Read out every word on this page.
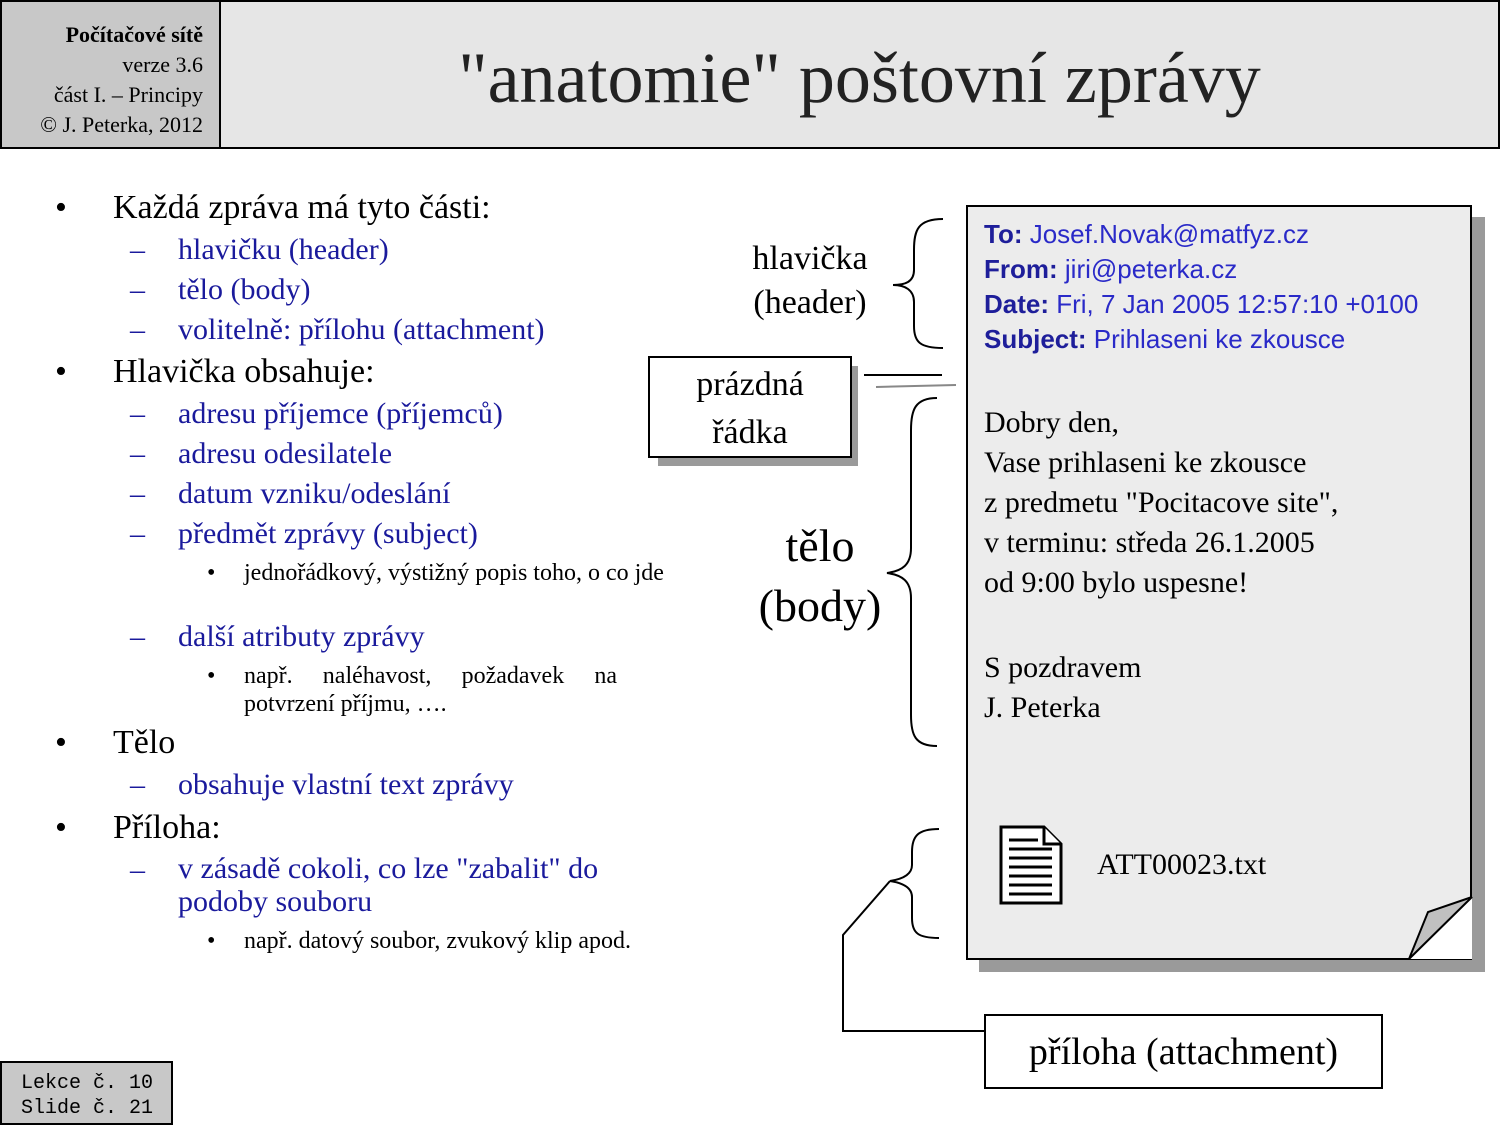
Počítačové sítě
verze 3.6
část I. – Principy
© J. Peterka, 2012
"anatomie" poštovní zprávy
• Každá zpráva má tyto části:
– hlavičku (header)
– tělo (body)
– volitelně: přílohu (attachment)
• Hlavička obsahuje:
– adresu příjemce (příjemců)
– adresu odesilatele
– datum vzniku/odeslání
– předmět zprávy (subject)
• jednořádkový, výstižný popis toho, o co jde
– další atributy zprávy
• např. naléhavost, požadavek na potvrzení příjmu, ….
• Tělo
– obsahuje vlastní text zprávy
• Příloha:
– v zásadě cokoli, co lze "zabalit" do podoby souboru
• např. datový soubor, zvukový klip apod.
To: Josef.Novak@matfyz.cz
From: jiri@peterka.cz
Date: Fri, 7 Jan 2005 12:57:10 +0100
Subject: Prihlaseni ke zkousce
Dobry den,
Vase prihlaseni ke zkousce
z predmetu "Pocitacove site",
v terminu: středa 26.1.2005
od 9:00 bylo uspesne!
S pozdravem
J. Peterka
ATT00023.txt
hlavička
(header)
prázdná
řádka
tělo
(body)
příloha (attachment)
Lekce č. 10
Slide č. 21
